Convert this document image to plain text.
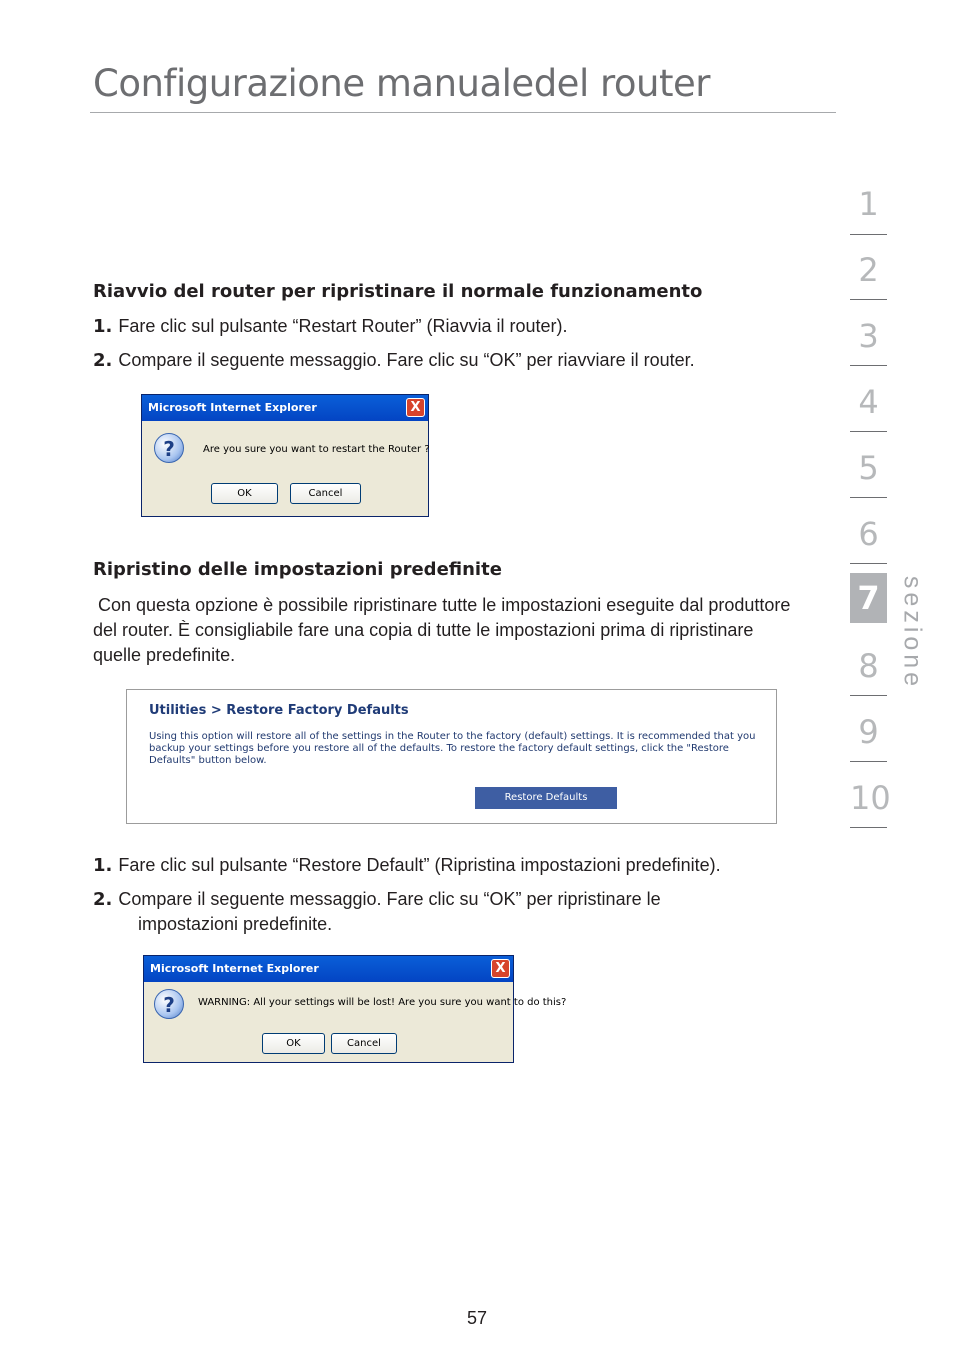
Configurazione manualedel router
Riavvio del router per ripristinare il normale funzionamento
1. Fare clic sul pulsante “Restart Router” (Riavvia il router).
2. Compare il seguente messaggio. Fare clic su “OK” per riavviare il router.
Microsoft Internet Explorer	X
?	Are you sure you want to restart the Router ?
OK	Cancel
Ripristino delle impostazioni predefinite

Con questa opzione è possibile ripristinare tutte le impostazioni eseguite dal produttore del router. È consigliabile fare una copia di tutte le impostazioni prima di ripristinare quelle predefinite.

Utilities > Restore Factory Defaults

Using this option will restore all of the settings in the Router to the factory (default) settings. It is recommended that you backup your settings before you restore all of the defaults. To restore the factory default settings, click the "Restore Defaults" button below.

Restore Defaults
1. Fare clic sul pulsante “Restore Default” (Ripristina impostazioni predefinite).
2. Compare il seguente messaggio. Fare clic su “OK” per ripristinare le
impostazioni predefinite.
Microsoft Internet Explorer	X
?	WARNING: All your settings will be lost! Are you sure you want to do this?
OK	Cancel
1
2
3
4
5
6
7
8
9
10
sezione
57
